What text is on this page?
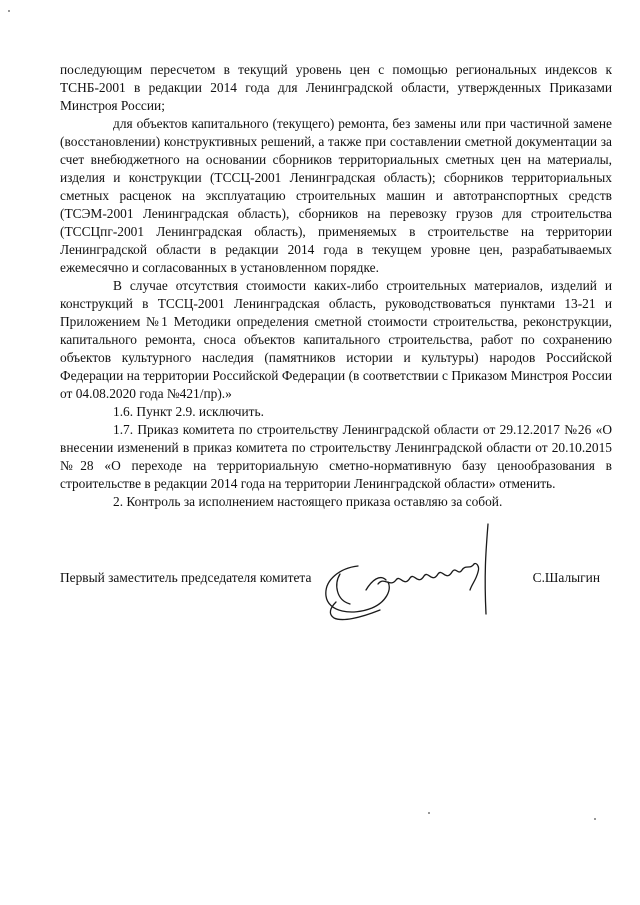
последующим пересчетом в текущий уровень цен с помощью региональных индексов к ТСНБ-2001 в редакции 2014 года для Ленинградской области, утвержденных Приказами Минстроя России;

для объектов капитального (текущего) ремонта, без замены или при частичной замене (восстановлении) конструктивных решений, а также при составлении сметной документации за счет внебюджетного на основании сборников территориальных сметных цен на материалы, изделия и конструкции (ТССЦ-2001 Ленинградская область); сборников территориальных сметных расценок на эксплуатацию строительных машин и автотранспортных средств (ТСЭМ-2001 Ленинградская область), сборников на перевозку грузов для строительства (ТССЦпг-2001 Ленинградская область), применяемых в строительстве на территории Ленинградской области в редакции 2014 года в текущем уровне цен, разрабатываемых ежемесячно и согласованных в установленном порядке.

В случае отсутствия стоимости каких-либо строительных материалов, изделий и конструкций в ТССЦ-2001 Ленинградская область, руководствоваться пунктами 13-21 и Приложением №1 Методики определения сметной стоимости строительства, реконструкции, капитального ремонта, сноса объектов капитального строительства, работ по сохранению объектов культурного наследия (памятников истории и культуры) народов Российской Федерации на территории Российской Федерации (в соответствии с Приказом Минстроя России от 04.08.2020 года №421/пр).»

1.6. Пункт 2.9. исключить.

1.7. Приказ комитета по строительству Ленинградской области от 29.12.2017 №26 «О внесении изменений в приказ комитета по строительству Ленинградской области от 20.10.2015 №28 «О переходе на территориальную сметно-нормативную базу ценообразования в строительстве в редакции 2014 года на территории Ленинградской области» отменить.

2. Контроль за исполнением настоящего приказа оставляю за собой.

Первый заместитель председателя комитета	С.Шалыгин
